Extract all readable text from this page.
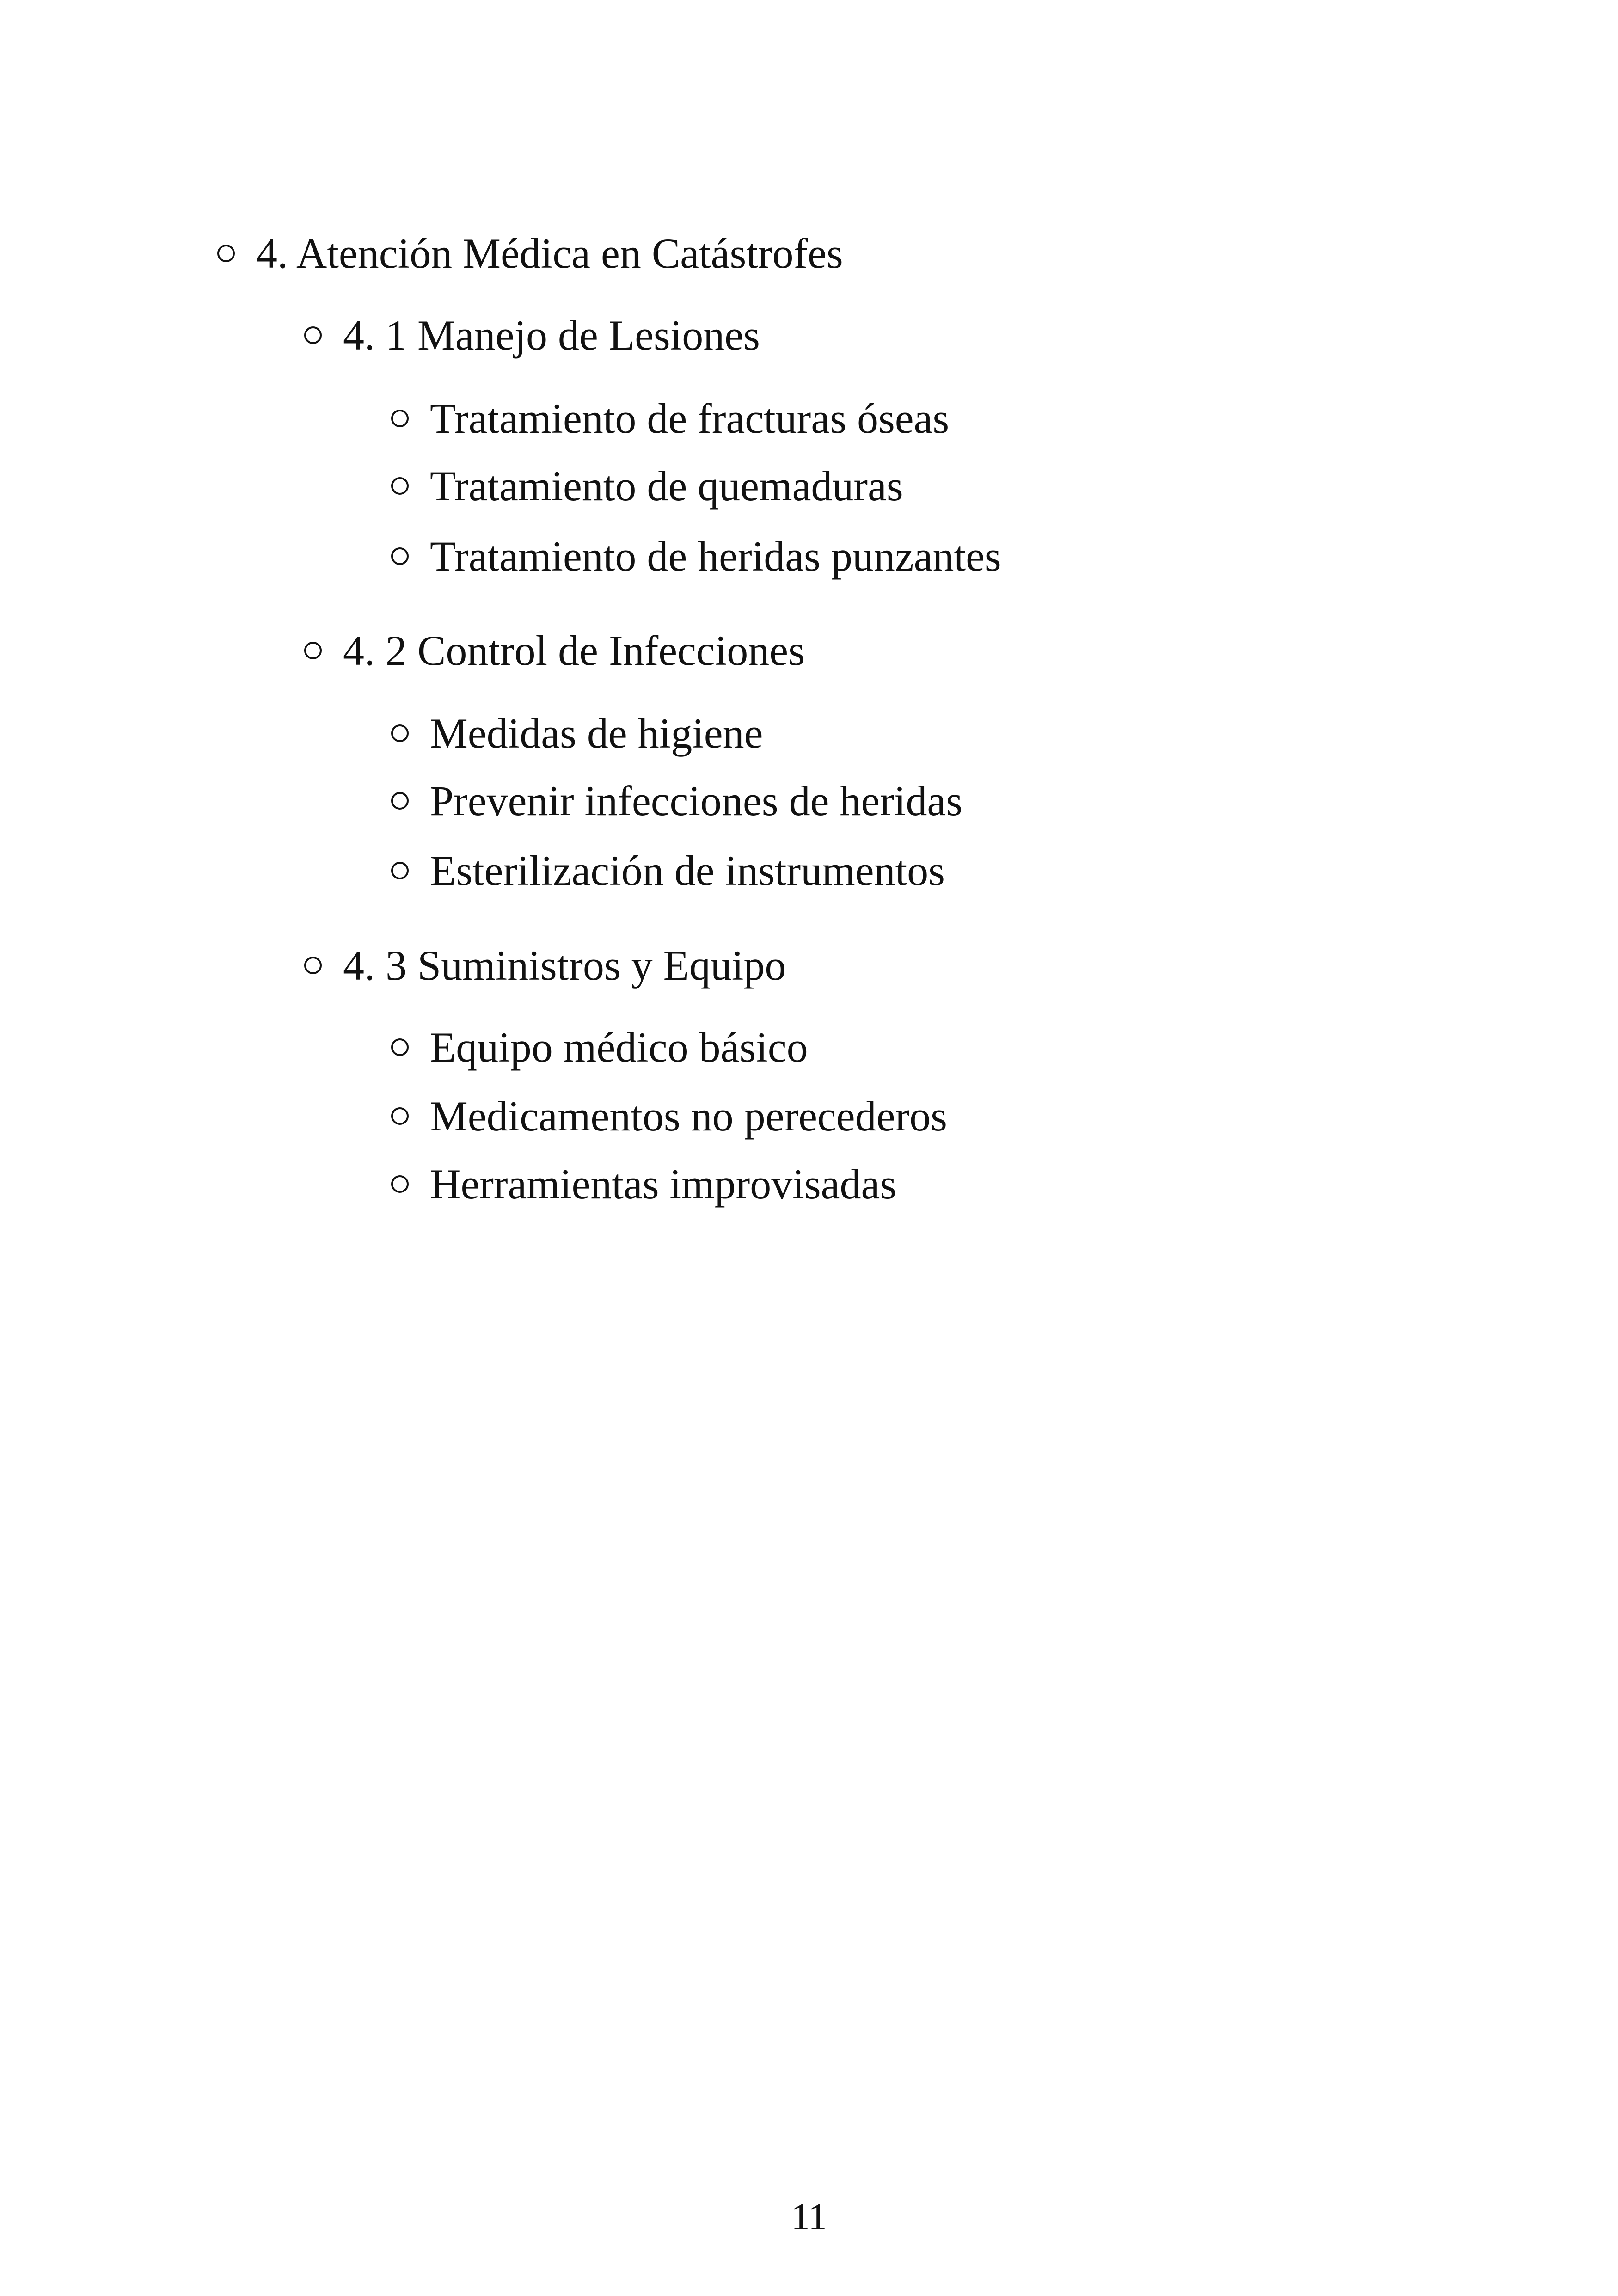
4. Atención Médica en Catástrofes
4. 1 Manejo de Lesiones
Tratamiento de fracturas óseas
Tratamiento de quemaduras
Tratamiento de heridas punzantes
4. 2 Control de Infecciones
Medidas de higiene
Prevenir infecciones de heridas
Esterilización de instrumentos
4. 3 Suministros y Equipo
Equipo médico básico
Medicamentos no perecederos
Herramientas improvisadas
11
